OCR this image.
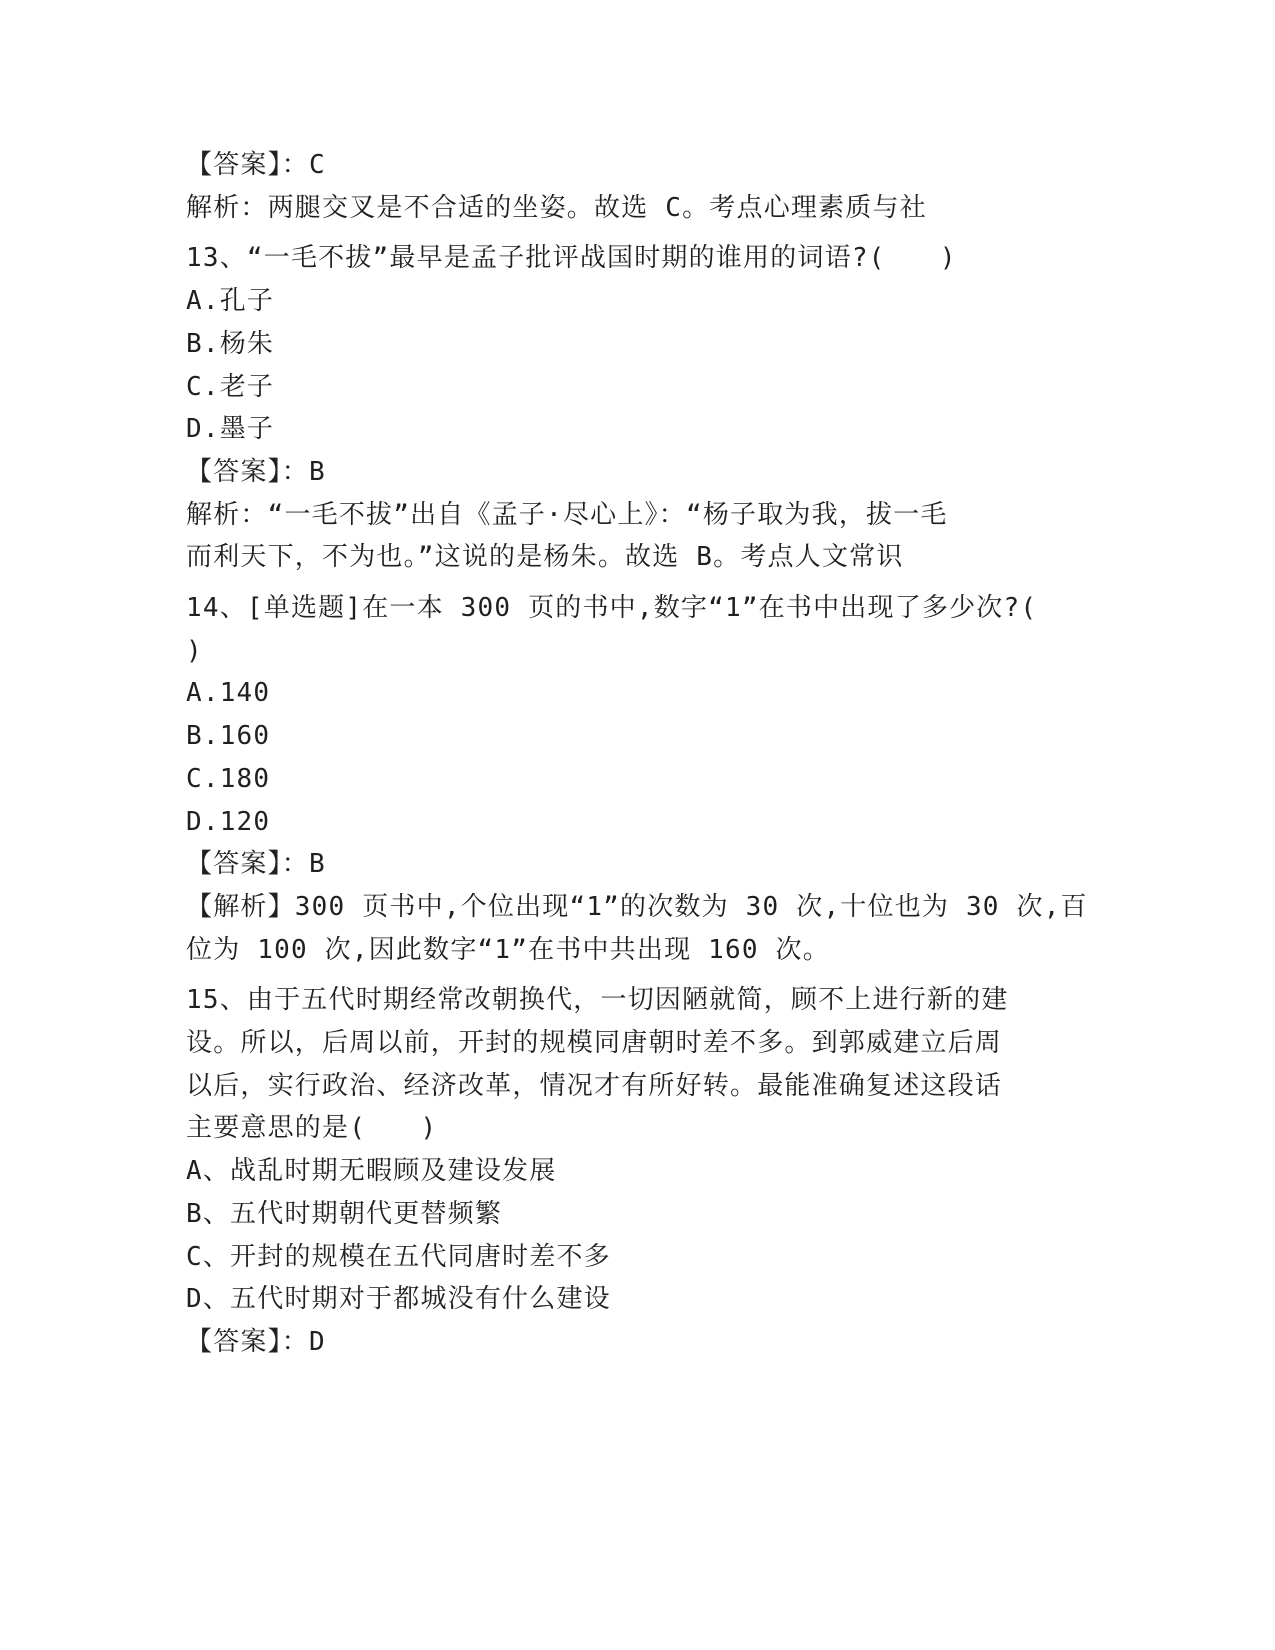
【答案】：C
解析：两腿交叉是不合适的坐姿。故选 C。考点心理素质与社
13、“一毛不拔”最早是孟子批评战国时期的谁用的词语?(　　)
A.孔子
B.杨朱
C.老子
D.墨子
【答案】：B
解析：“一毛不拔”出自《孟子·尽心上》：“杨子取为我，拔一毛
而利天下，不为也。”这说的是杨朱。故选 B。考点人文常识
14、[单选题]在一本 300 页的书中,数字“1”在书中出现了多少次?(
)
A.140
B.160
C.180
D.120
【答案】：B
【解析】300 页书中,个位出现“1”的次数为 30 次,十位也为 30 次,百
位为 100 次,因此数字“1”在书中共出现 160 次。
15、由于五代时期经常改朝换代，一切因陋就简，顾不上进行新的建
设。所以，后周以前，开封的规模同唐朝时差不多。到郭威建立后周
以后，实行政治、经济改革，情况才有所好转。最能准确复述这段话
主要意思的是(　　)
A、战乱时期无暇顾及建设发展
B、五代时期朝代更替频繁
C、开封的规模在五代同唐时差不多
D、五代时期对于都城没有什么建设
【答案】：D
